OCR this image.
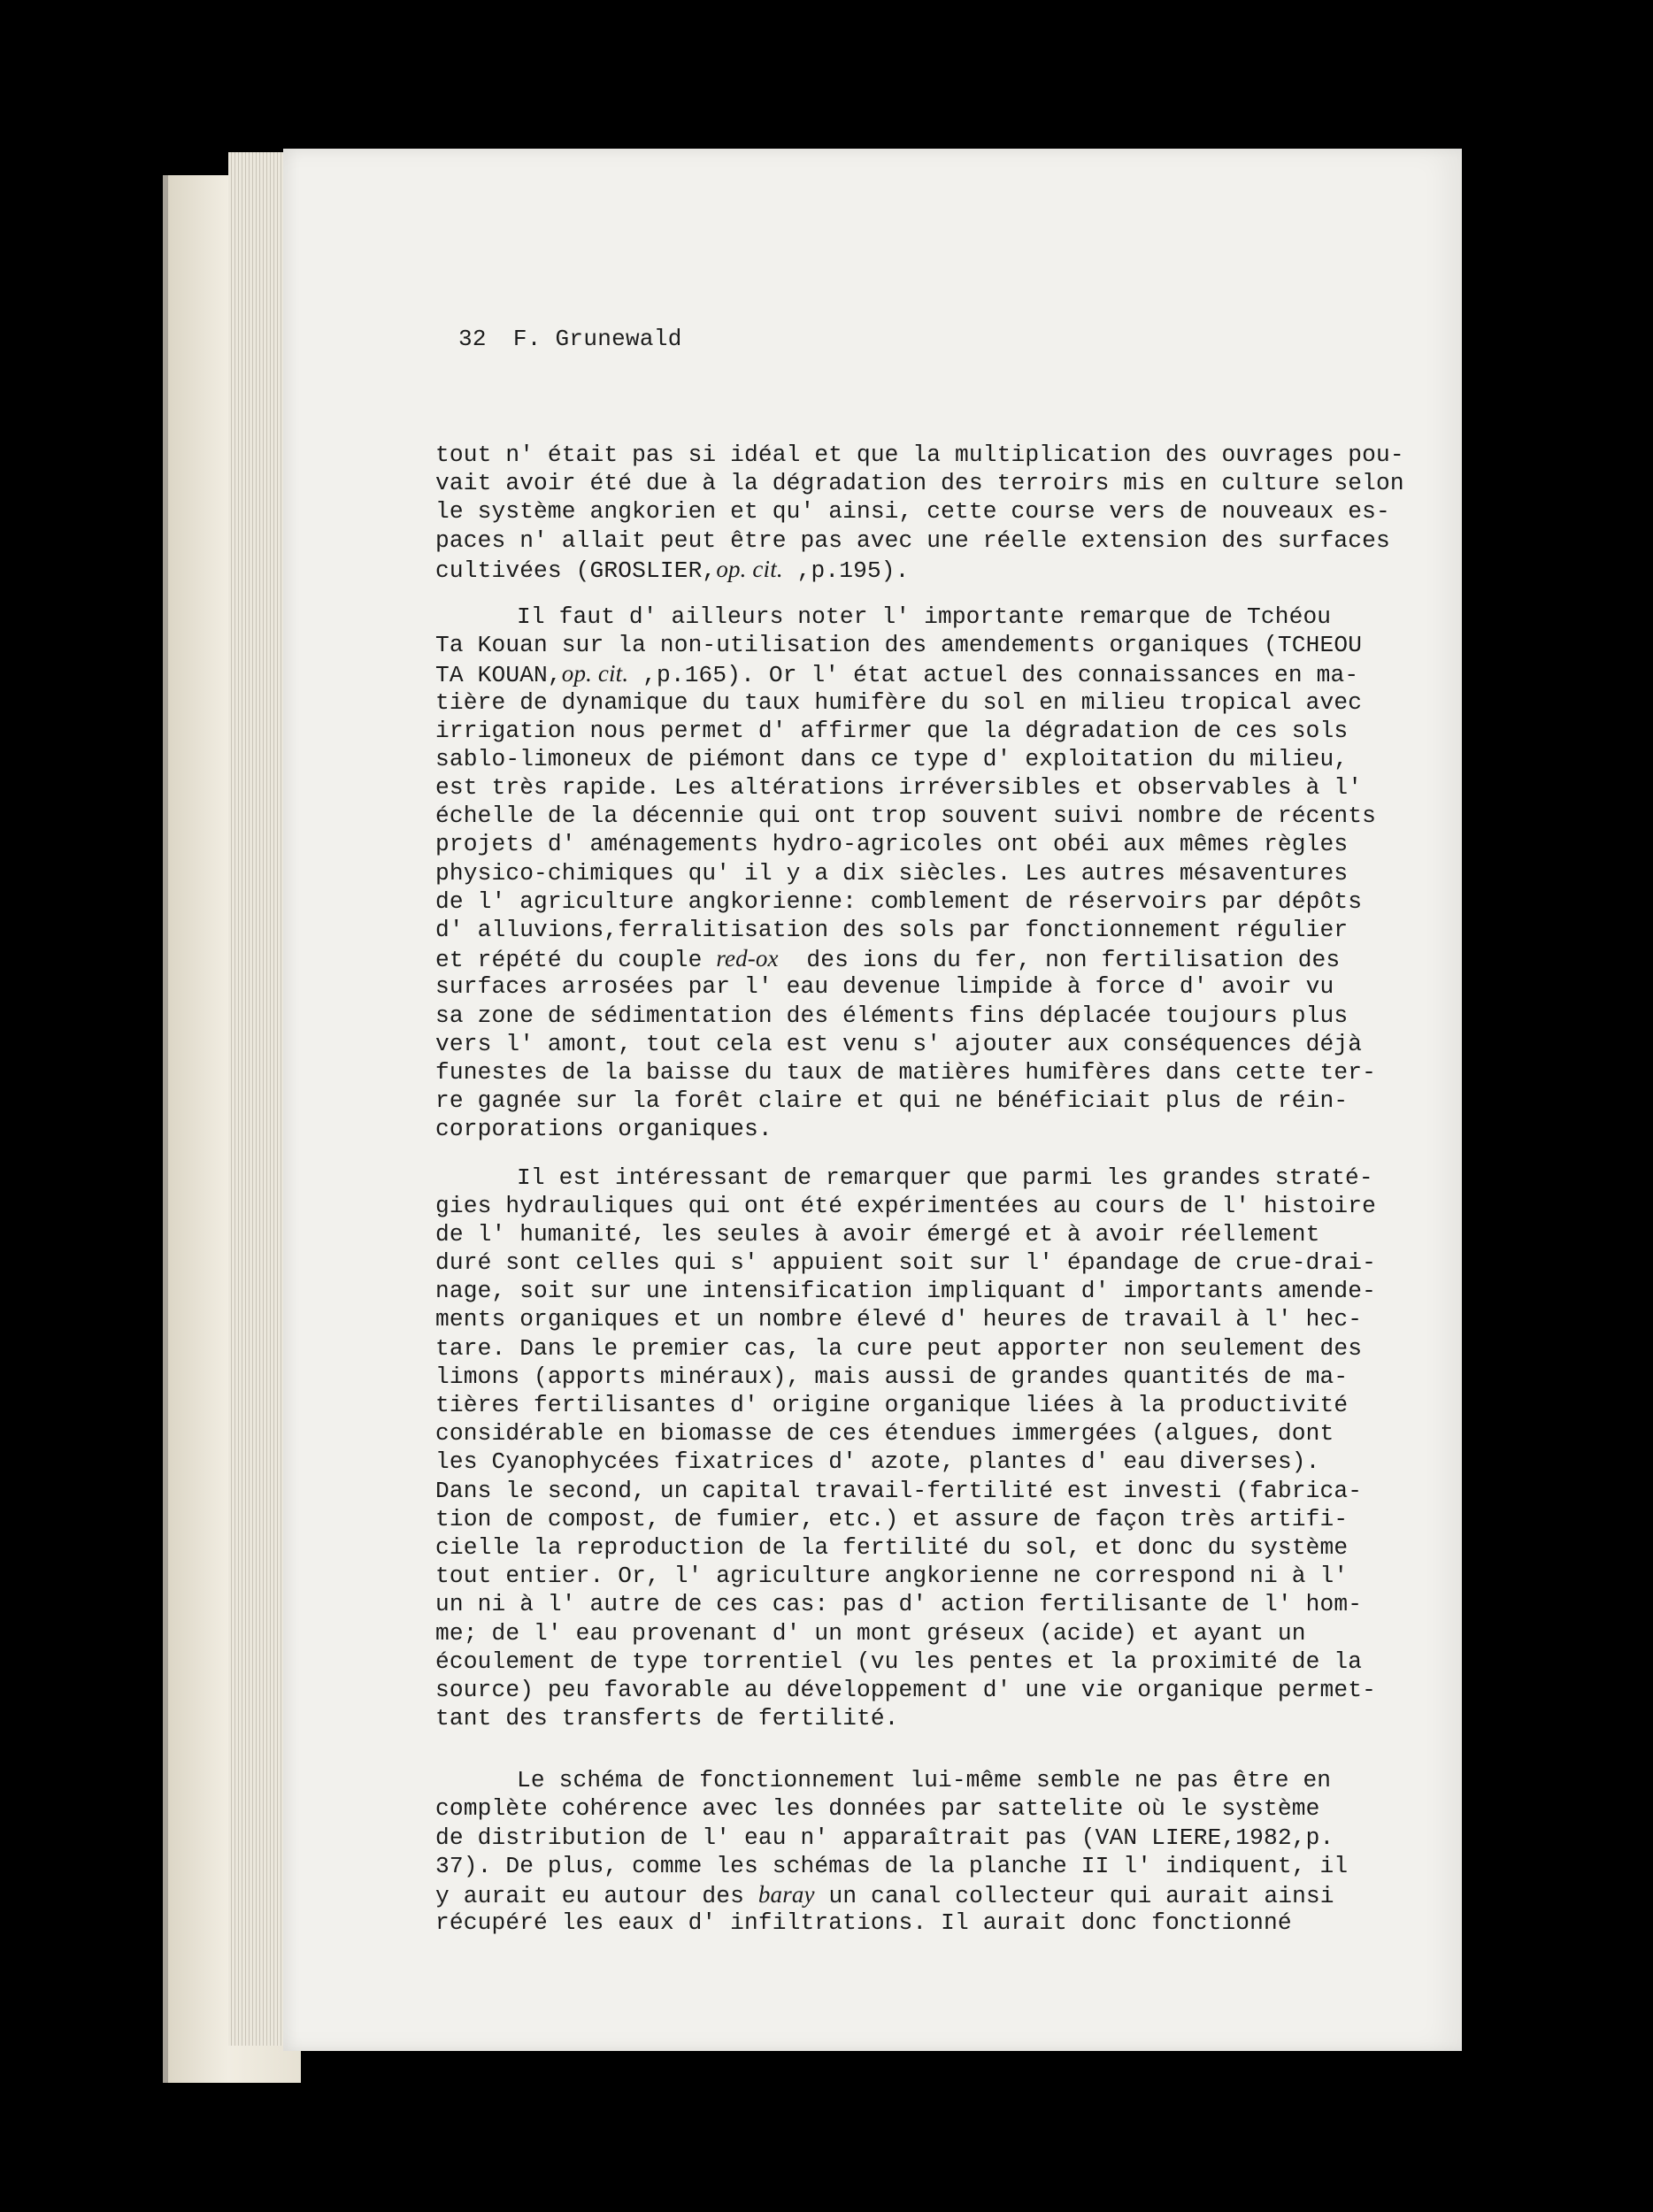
32 F. Grunewald
tout n' était pas si idéal et que la multiplication des ouvrages pou-
vait avoir été due à la dégradation des terroirs mis en culture selon
le système angkorien et qu' ainsi, cette course vers de nouveaux es-
paces n' allait peut être pas avec une réelle extension des surfaces
cultivées (GROSLIER,op. cit. ,p.195).
Il faut d' ailleurs noter l' importante remarque de Tchéou
Ta Kouan sur la non-utilisation des amendements organiques (TCHEOU
TA KOUAN,op. cit. ,p.165). Or l' état actuel des connaissances en ma-
tière de dynamique du taux humifère du sol en milieu tropical avec
irrigation nous permet d' affirmer que la dégradation de ces sols
sablo-limoneux de piémont dans ce type d' exploitation du milieu,
est très rapide. Les altérations irréversibles et observables à l'
échelle de la décennie qui ont trop souvent suivi nombre de récents
projets d' aménagements hydro-agricoles ont obéi aux mêmes règles
physico-chimiques qu' il y a dix siècles. Les autres mésaventures
de l' agriculture angkorienne: comblement de réservoirs par dépôts
d' alluvions,ferralitisation des sols par fonctionnement régulier
et répété du couple red-ox  des ions du fer, non fertilisation des
surfaces arrosées par l' eau devenue limpide à force d' avoir vu
sa zone de sédimentation des éléments fins déplacée toujours plus
vers l' amont, tout cela est venu s' ajouter aux conséquences déjà
funestes de la baisse du taux de matières humifères dans cette ter-
re gagnée sur la forêt claire et qui ne bénéficiait plus de réin-
corporations organiques.
Il est intéressant de remarquer que parmi les grandes straté-
gies hydrauliques qui ont été expérimentées au cours de l' histoire
de l' humanité, les seules à avoir émergé et à avoir réellement
duré sont celles qui s' appuient soit sur l' épandage de crue-drai-
nage, soit sur une intensification impliquant d' importants amende-
ments organiques et un nombre élevé d' heures de travail à l' hec-
tare. Dans le premier cas, la cure peut apporter non seulement des
limons (apports minéraux), mais aussi de grandes quantités de ma-
tières fertilisantes d' origine organique liées à la productivité
considérable en biomasse de ces étendues immergées (algues, dont
les Cyanophycées fixatrices d' azote, plantes d' eau diverses).
Dans le second, un capital travail-fertilité est investi (fabrica-
tion de compost, de fumier, etc.) et assure de façon très artifi-
cielle la reproduction de la fertilité du sol, et donc du système
tout entier. Or, l' agriculture angkorienne ne correspond ni à l'
un ni à l' autre de ces cas: pas d' action fertilisante de l' hom-
me; de l' eau provenant d' un mont gréseux (acide) et ayant un
écoulement de type torrentiel (vu les pentes et la proximité de la
source) peu favorable au développement d' une vie organique permet-
tant des transferts de fertilité.
Le schéma de fonctionnement lui-même semble ne pas être en
complète cohérence avec les données par sattelite où le système
de distribution de l' eau n' apparaîtrait pas (VAN LIERE,1982,p.
37). De plus, comme les schémas de la planche II l' indiquent, il
y aurait eu autour des baray un canal collecteur qui aurait ainsi
récupéré les eaux d' infiltrations. Il aurait donc fonctionné
